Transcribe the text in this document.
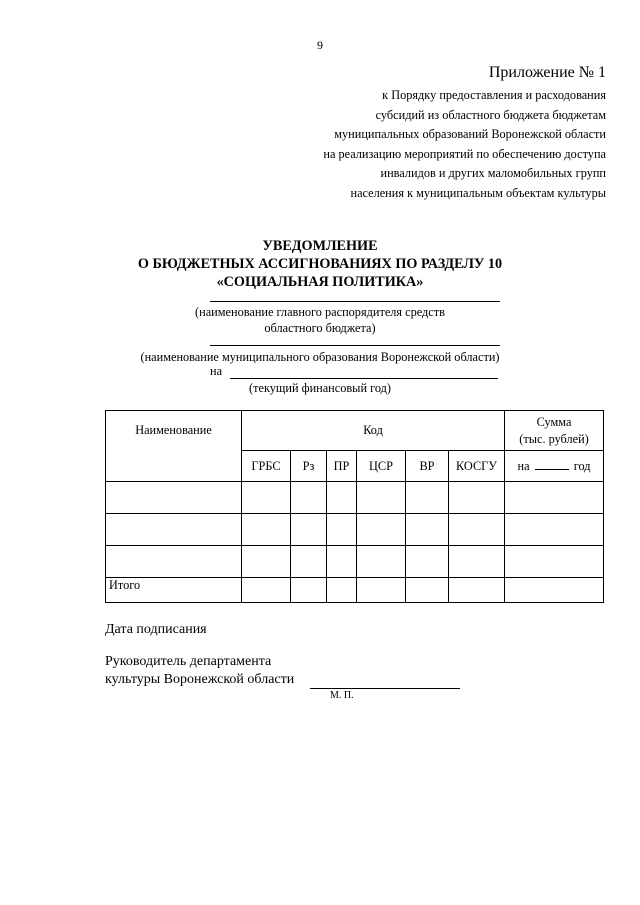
9
Приложение № 1
к Порядку предоставления и расходования
субсидий из областного бюджета бюджетам
муниципальных образований Воронежской области
на реализацию мероприятий по обеспечению доступа
инвалидов и других маломобильных групп
населения к муниципальным объектам культуры
УВЕДОМЛЕНИЕ
О БЮДЖЕТНЫХ АССИГНОВАНИЯХ ПО РАЗДЕЛУ 10
«СОЦИАЛЬНАЯ ПОЛИТИКА»
(наименование главного распорядителя средств
областного бюджета)
(наименование муниципального образования Воронежской области)
на
(текущий финансовый год)
Наименование	Код						Сумма
(тыс. рублей)

	ГРБС	Рз	ПР	ЦСР	ВР	КОСГУ	на год

Итого							
Дата подписания
Руководитель департамента
культуры Воронежской области
М. П.
